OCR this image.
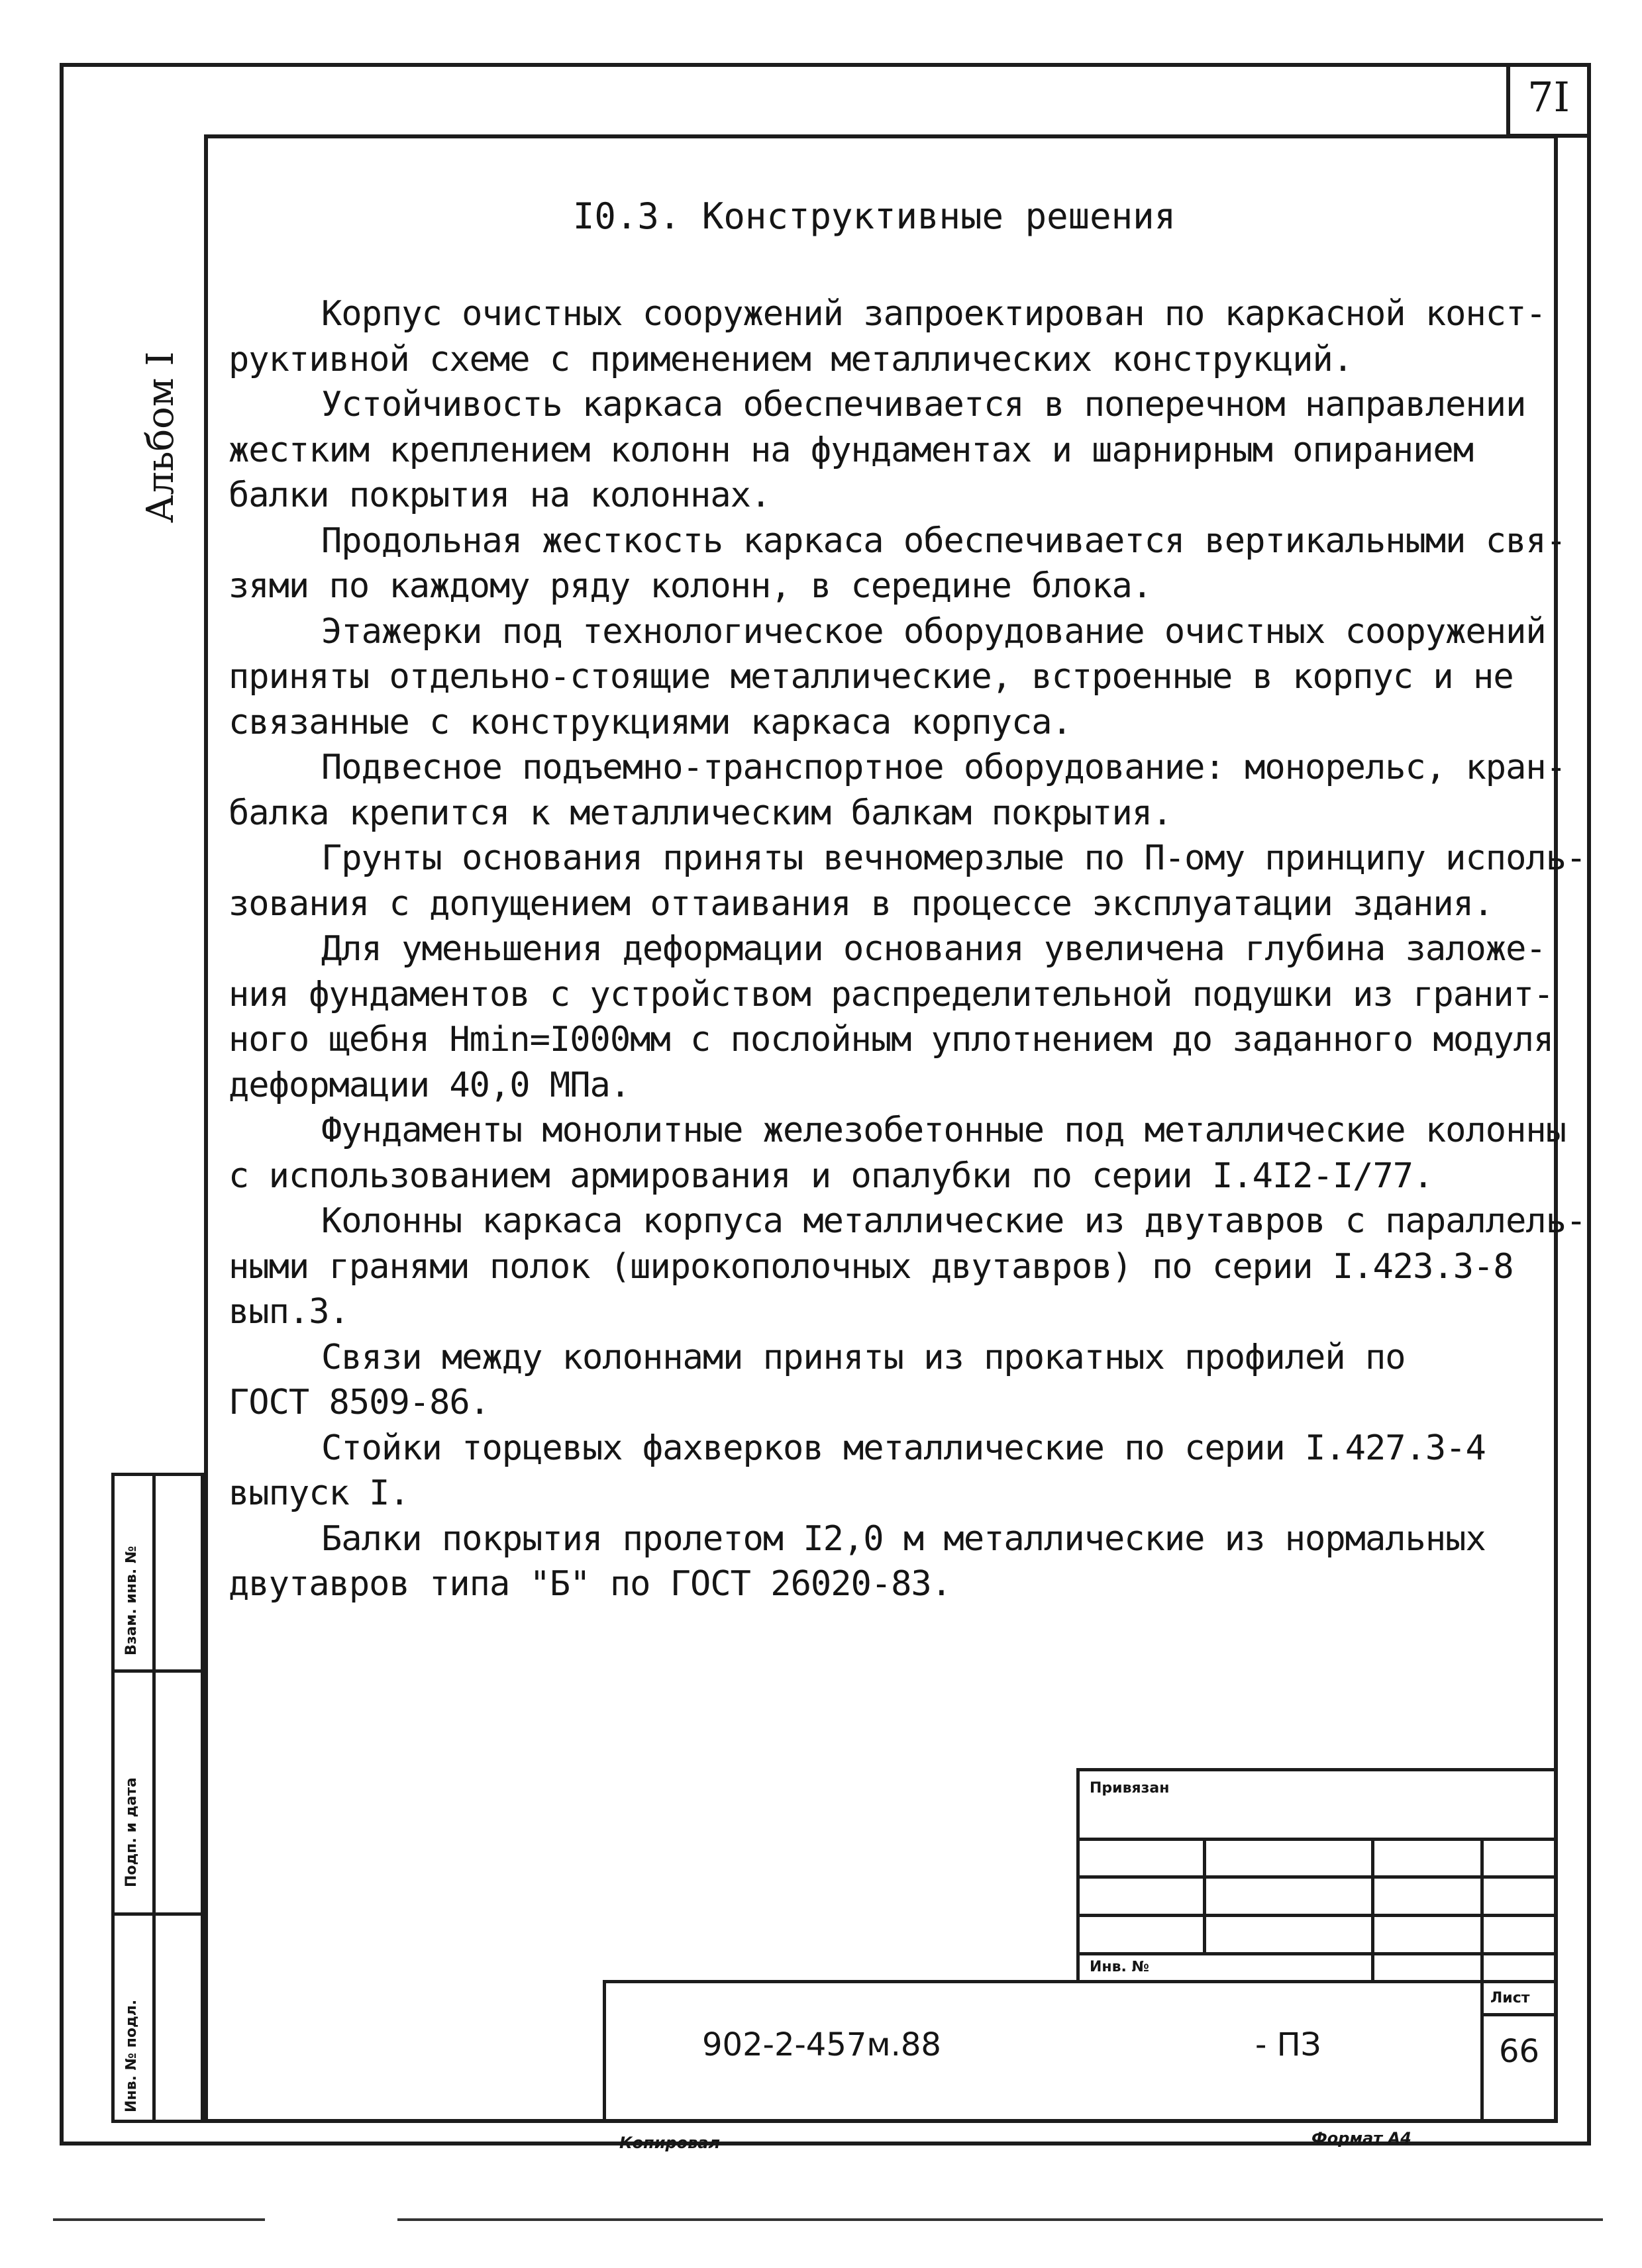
7I
Альбом I
Взам. инв. №
Подп. и дата
Инв. № подл.
I0.3. Конструктивные решения

Корпус очистных сооружений запроектирован по каркасной конст-

руктивной схеме с применением металлических конструкций.

Устойчивость каркаса обеспечивается в поперечном направлении

жестким креплением колонн на фундаментах и шарнирным опиранием

балки покрытия на колоннах.

Продольная жесткость каркаса обеспечивается вертикальными свя-

зями по каждому ряду колонн, в середине блока.

Этажерки под технологическое оборудование очистных сооружений

приняты отдельно-стоящие металлические, встроенные в корпус и не

связанные с конструкциями каркаса корпуса.

Подвесное подъемно-транспортное оборудование: монорельс, кран-

балка крепится к металлическим балкам покрытия.

Грунты основания приняты вечномерзлые по П-ому принципу исполь-

зования с допущением оттаивания в процессе эксплуатации здания.

Для уменьшения деформации основания увеличена глубина заложе-

ния фундаментов с устройством распределительной подушки из гранит-

ного щебня Hmin=I000мм с послойным уплотнением до заданного модуля

деформации 40,0 МПа.

Фундаменты монолитные железобетонные под металлические колонны

с использованием армирования и опалубки по серии I.4I2-I/77.

Колонны каркаса корпуса металлические из двутавров с параллель-

ными гранями полок (широкополочных двутавров) по серии I.423.3-8

вып.3.

Связи между колоннами приняты из прокатных профилей по

ГОСТ 8509-86.

Стойки торцевых фахверков металлические по серии I.427.3-4

выпуск I.

Балки покрытия пролетом I2,0 м металлические из нормальных

двутавров типа "Б" по ГОСТ 26020-83.

Привязан
Инв. №
Лист
66
902-2-457м.88	- ПЗ
Копировал	Формат А4
